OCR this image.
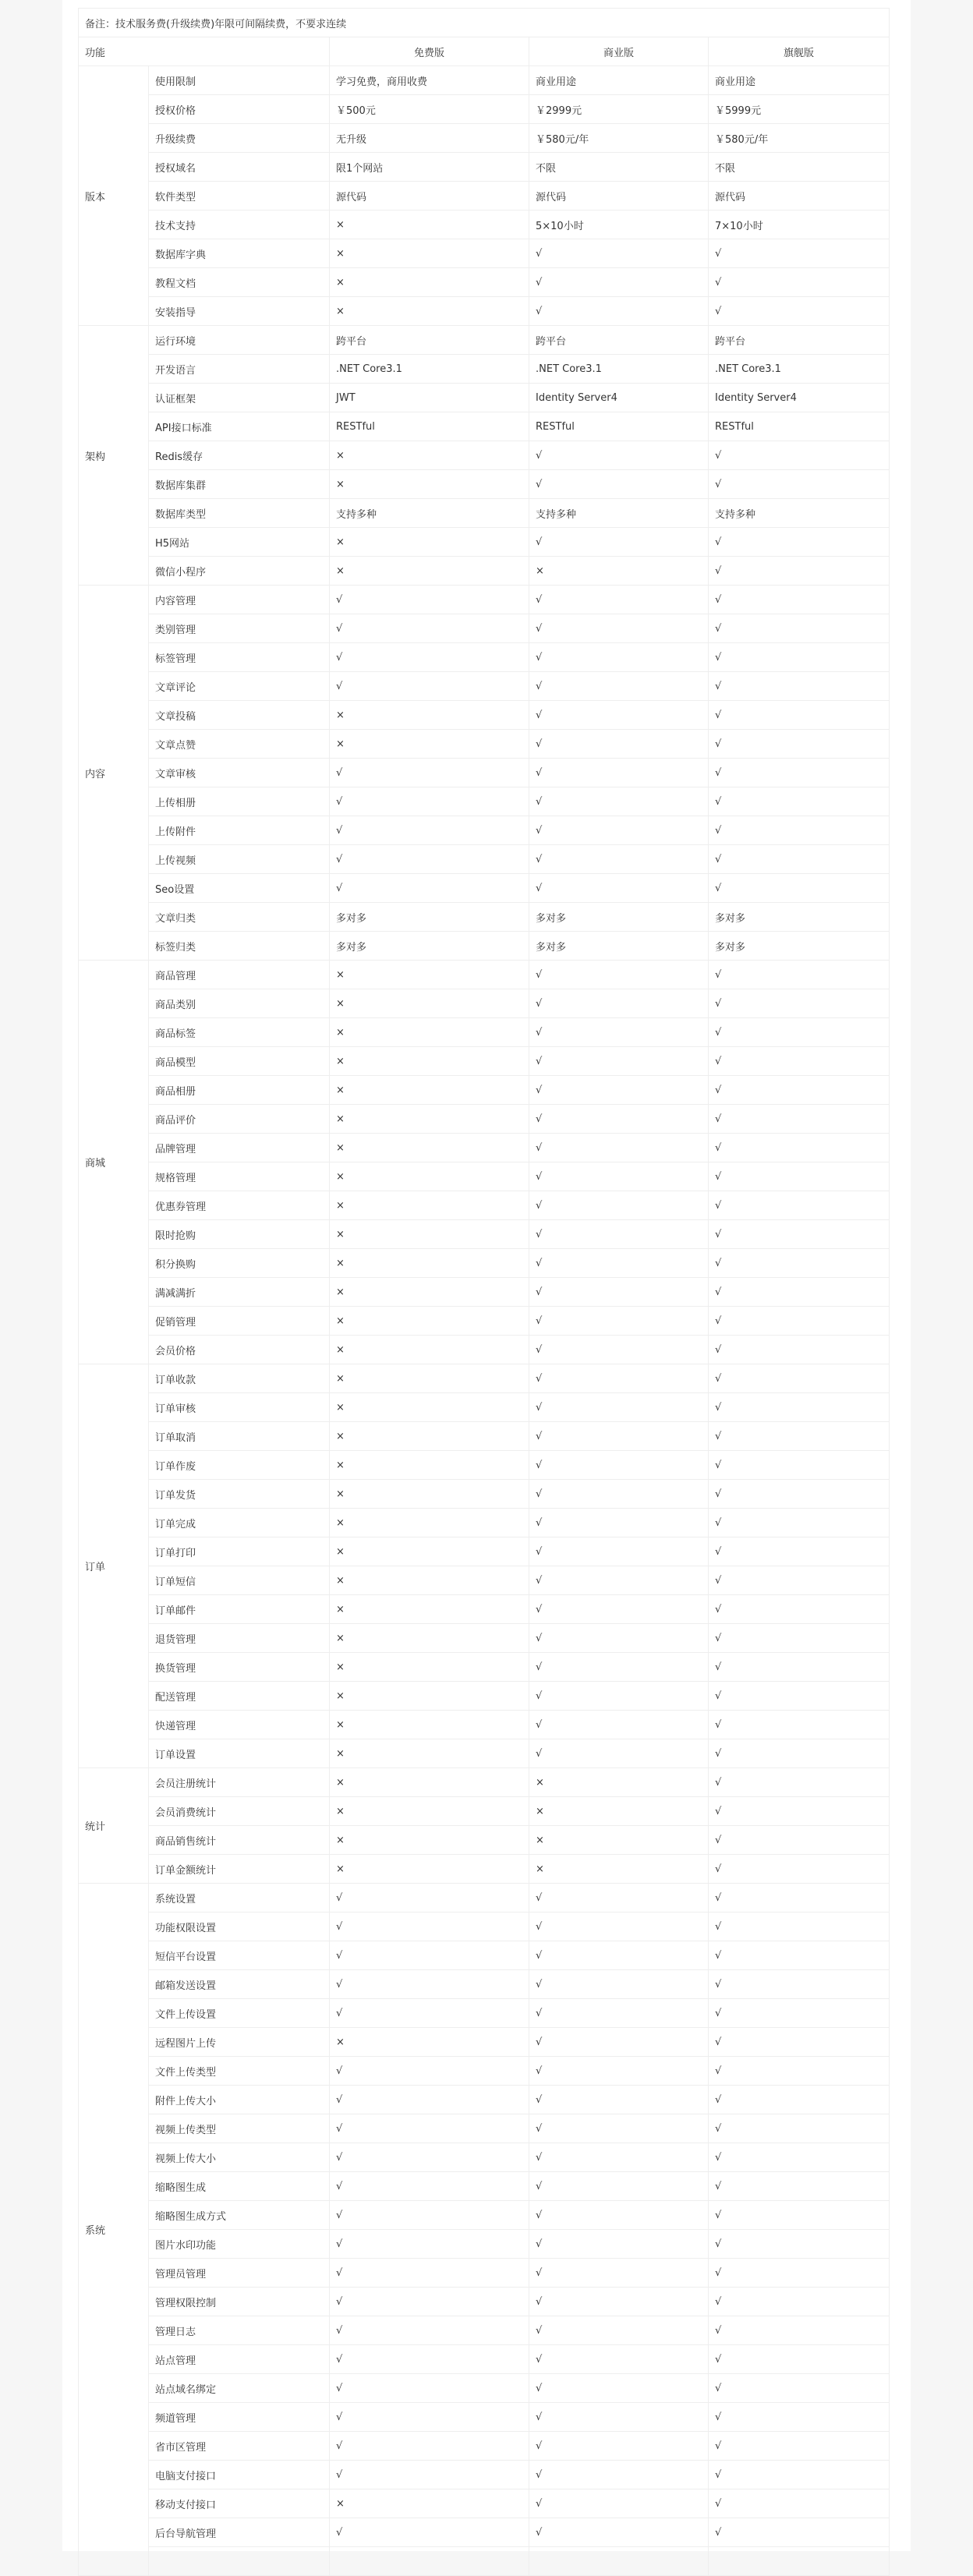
备注：技术服务费(升级续费)年限可间隔续费，不要求连续				
功能		免费版	商业版	旗舰版
版本	使用限制	学习免费，商用收费	商业用途	商业用途
	授权价格	￥500元	￥2999元	￥5999元
	升级续费	无升级	￥580元/年	￥580元/年
	授权域名	限1个网站	不限	不限
	软件类型	源代码	源代码	源代码
	技术支持	×	5×10小时	7×10小时
	数据库字典	×	√	√
	教程文档	×	√	√
	安装指导	×	√	√
架构	运行环境	跨平台	跨平台	跨平台
	开发语言	.NET Core3.1	.NET Core3.1	.NET Core3.1
	认证框架	JWT	Identity Server4	Identity Server4
	API接口标准	RESTful	RESTful	RESTful
	Redis缓存	×	√	√
	数据库集群	×	√	√
	数据库类型	支持多种	支持多种	支持多种
	H5网站	×	√	√
	微信小程序	×	×	√
内容	内容管理	√	√	√
	类别管理	√	√	√
	标签管理	√	√	√
	文章评论	√	√	√
	文章投稿	×	√	√
	文章点赞	×	√	√
	文章审核	√	√	√
	上传相册	√	√	√
	上传附件	√	√	√
	上传视频	√	√	√
	Seo设置	√	√	√
	文章归类	多对多	多对多	多对多
	标签归类	多对多	多对多	多对多
商城	商品管理	×	√	√
	商品类别	×	√	√
	商品标签	×	√	√
	商品模型	×	√	√
	商品相册	×	√	√
	商品评价	×	√	√
	品牌管理	×	√	√
	规格管理	×	√	√
	优惠券管理	×	√	√
	限时抢购	×	√	√
	积分换购	×	√	√
	满减满折	×	√	√
	促销管理	×	√	√
	会员价格	×	√	√
订单	订单收款	×	√	√
	订单审核	×	√	√
	订单取消	×	√	√
	订单作废	×	√	√
	订单发货	×	√	√
	订单完成	×	√	√
	订单打印	×	√	√
	订单短信	×	√	√
	订单邮件	×	√	√
	退货管理	×	√	√
	换货管理	×	√	√
	配送管理	×	√	√
	快递管理	×	√	√
	订单设置	×	√	√
统计	会员注册统计	×	×	√
	会员消费统计	×	×	√
	商品销售统计	×	×	√
	订单金额统计	×	×	√
系统	系统设置	√	√	√
	功能权限设置	√	√	√
	短信平台设置	√	√	√
	邮箱发送设置	√	√	√
	文件上传设置	√	√	√
	远程图片上传	×	√	√
	文件上传类型	√	√	√
	附件上传大小	√	√	√
	视频上传类型	√	√	√
	视频上传大小	√	√	√
	缩略图生成	√	√	√
	缩略图生成方式	√	√	√
	图片水印功能	√	√	√
	管理员管理	√	√	√
	管理权限控制	√	√	√
	管理日志	√	√	√
	站点管理	√	√	√
	站点域名绑定	√	√	√
	频道管理	√	√	√
	省市区管理	√	√	√
	电脑支付接口	√	√	√
	移动支付接口	×	√	√
	后台导航管理	√	√	√
